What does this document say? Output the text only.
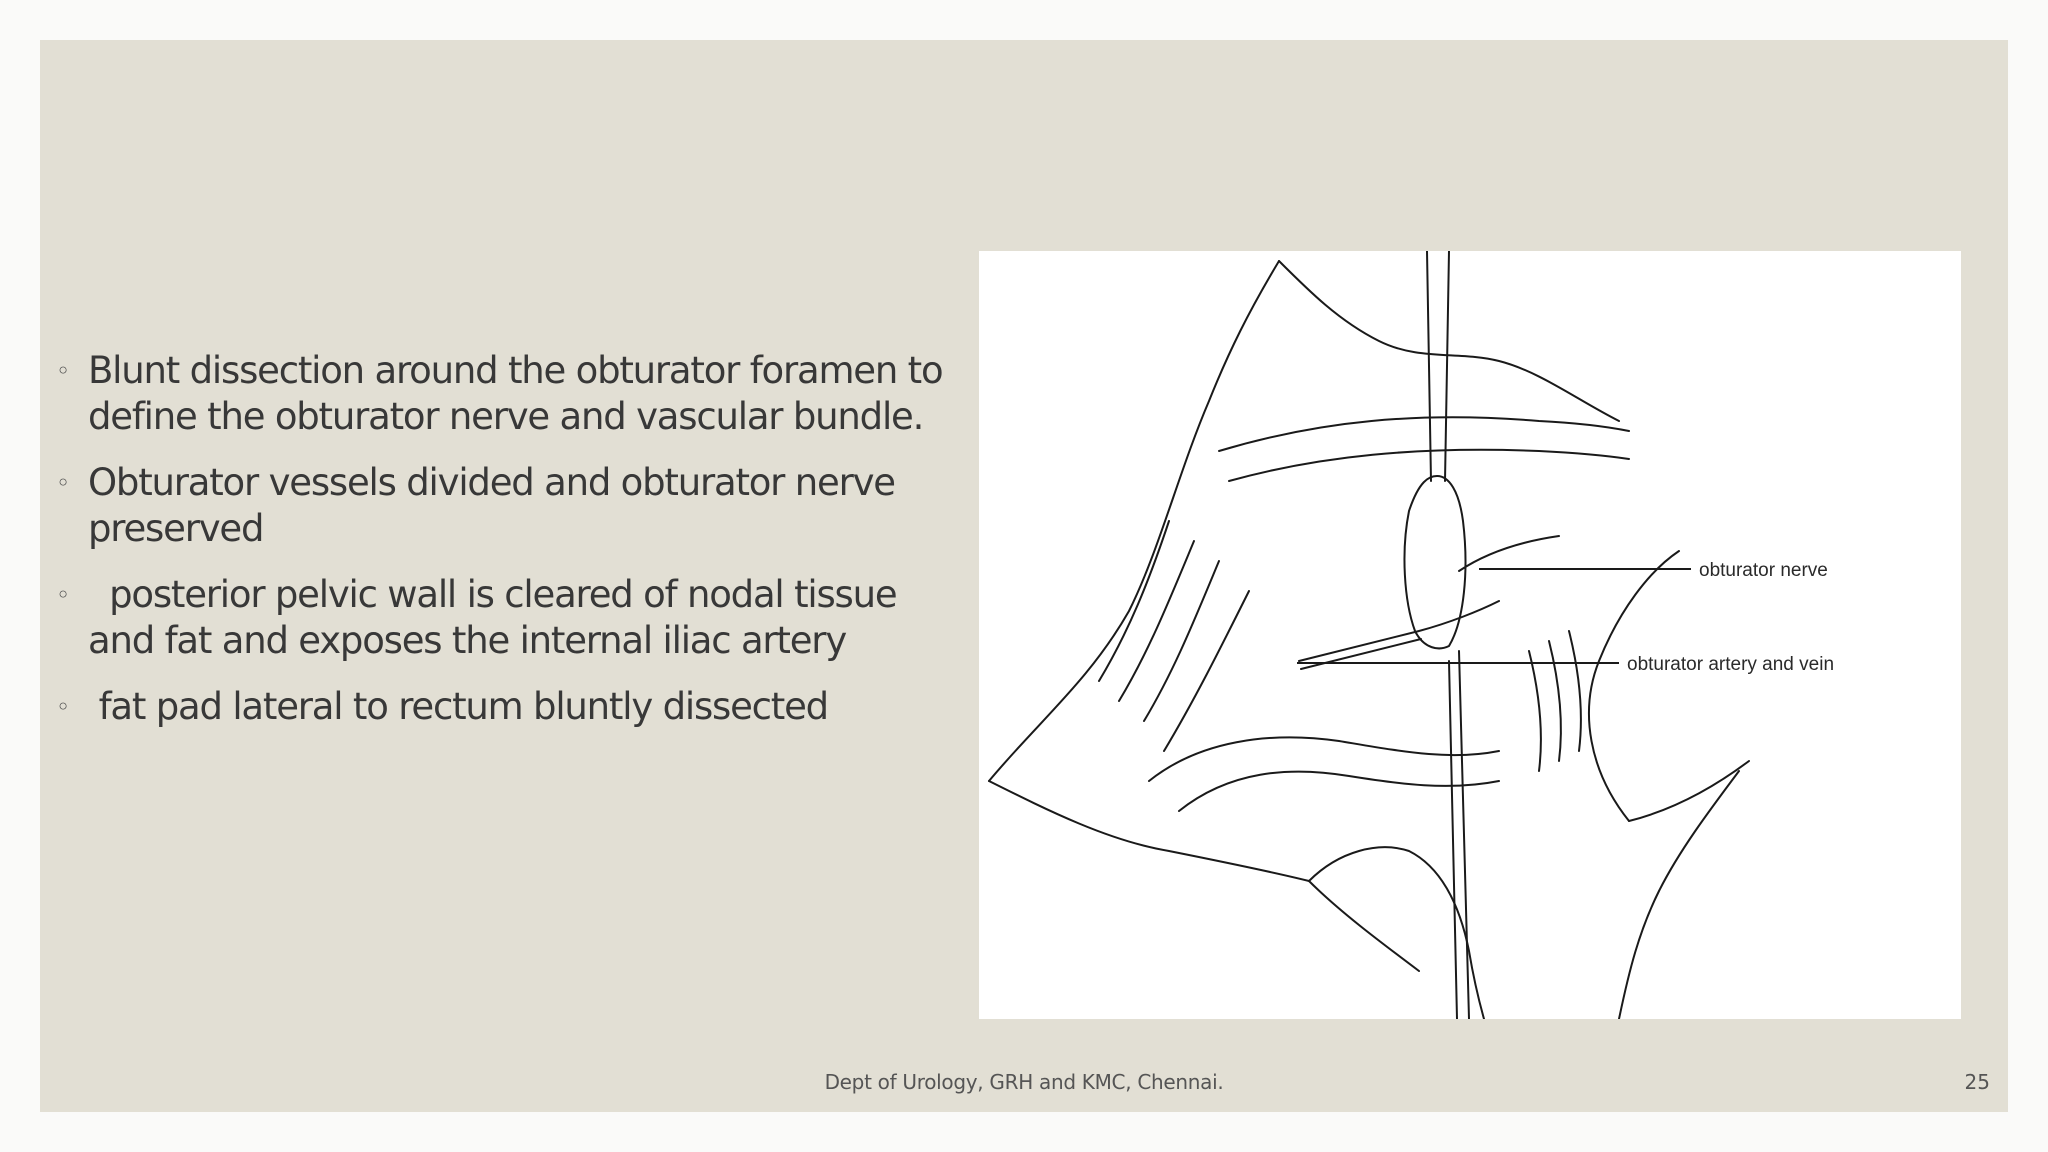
◦ Blunt dissection around the obturator foramen to define the obturator nerve and vascular bundle.
◦ Obturator vessels divided and obturator nerve preserved
◦ posterior pelvic wall is cleared of nodal tissue and fat and exposes the internal iliac artery
◦ fat pad lateral to rectum bluntly dissected
obturator nerve
obturator artery and vein
Dept of Urology, GRH and KMC, Chennai.	25
